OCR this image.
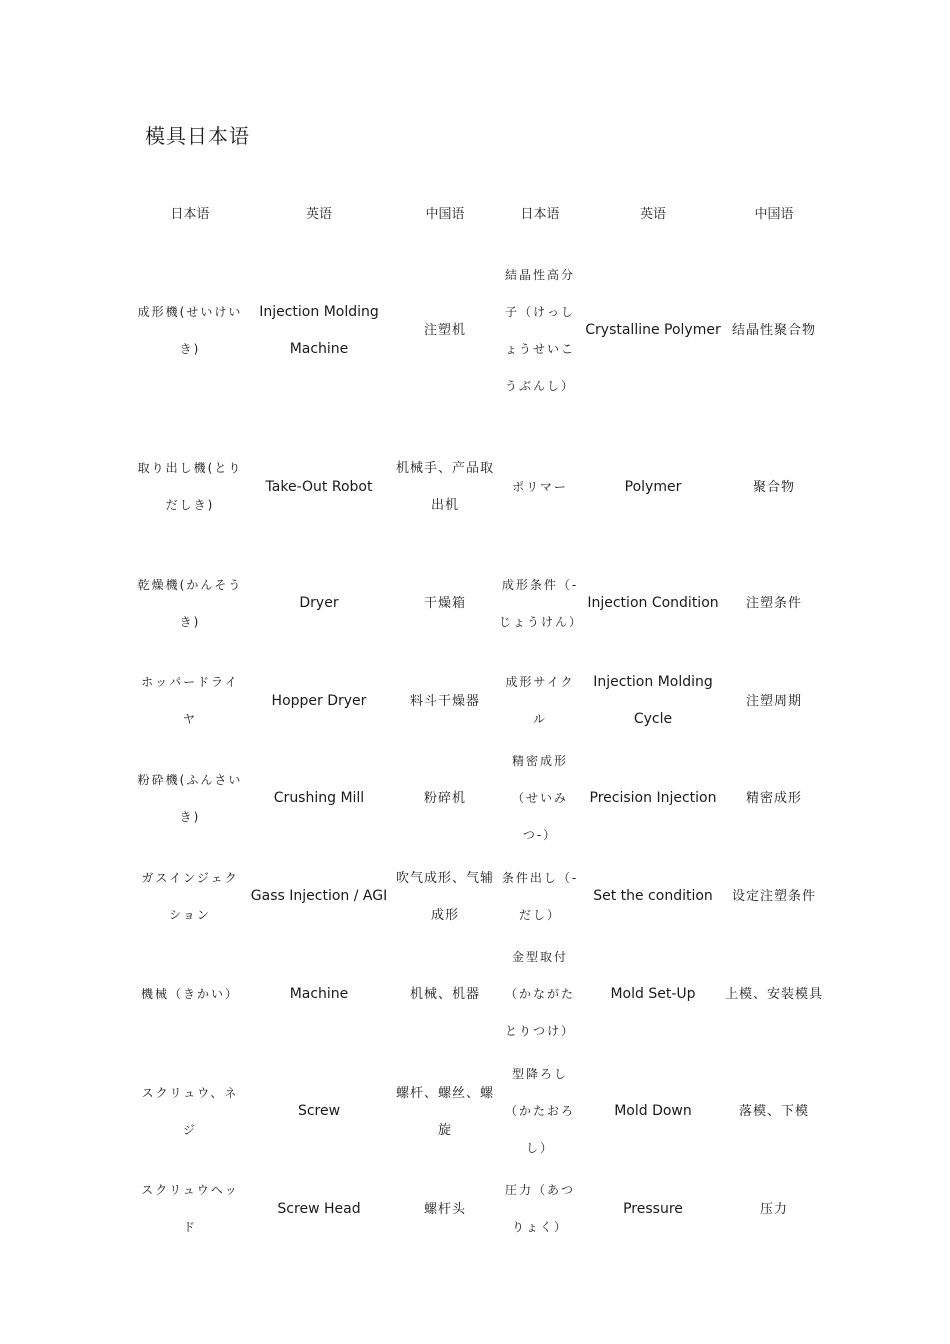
模具日本语
日本语	英语	中国语	日本语	英语	中国语
成形機(せいけいき)	Injection Molding Machine	注塑机	結晶性高分子（けっしょうせいこうぶんし）	Crystalline Polymer	结晶性聚合物
取り出し機(とりだしき)	Take-Out Robot	机械手、产品取出机	ポリマー	Polymer	聚合物
乾燥機(かんそうき)	Dryer	干燥箱	成形条件（-じょうけん）	Injection Condition	注塑条件
ホッパードライヤ	Hopper Dryer	料斗干燥器	成形サイクル	Injection Molding Cycle	注塑周期
粉砕機(ふんさいき)	Crushing Mill	粉碎机	精密成形（せいみつ-）	Precision Injection	精密成形
ガスインジェクション	Gass Injection / AGI	吹气成形、气辅成形	条件出し（-だし）	Set the condition	设定注塑条件
機械（きかい）	Machine	机械、机器	金型取付（かながたとりつけ）	Mold Set-Up	上模、安装模具
スクリュウ、ネジ	Screw	螺杆、螺丝、螺旋	型降ろし（かたおろし）	Mold Down	落模、下模
スクリュウヘッド	Screw Head	螺杆头	圧力（あつりょく）	Pressure	压力
